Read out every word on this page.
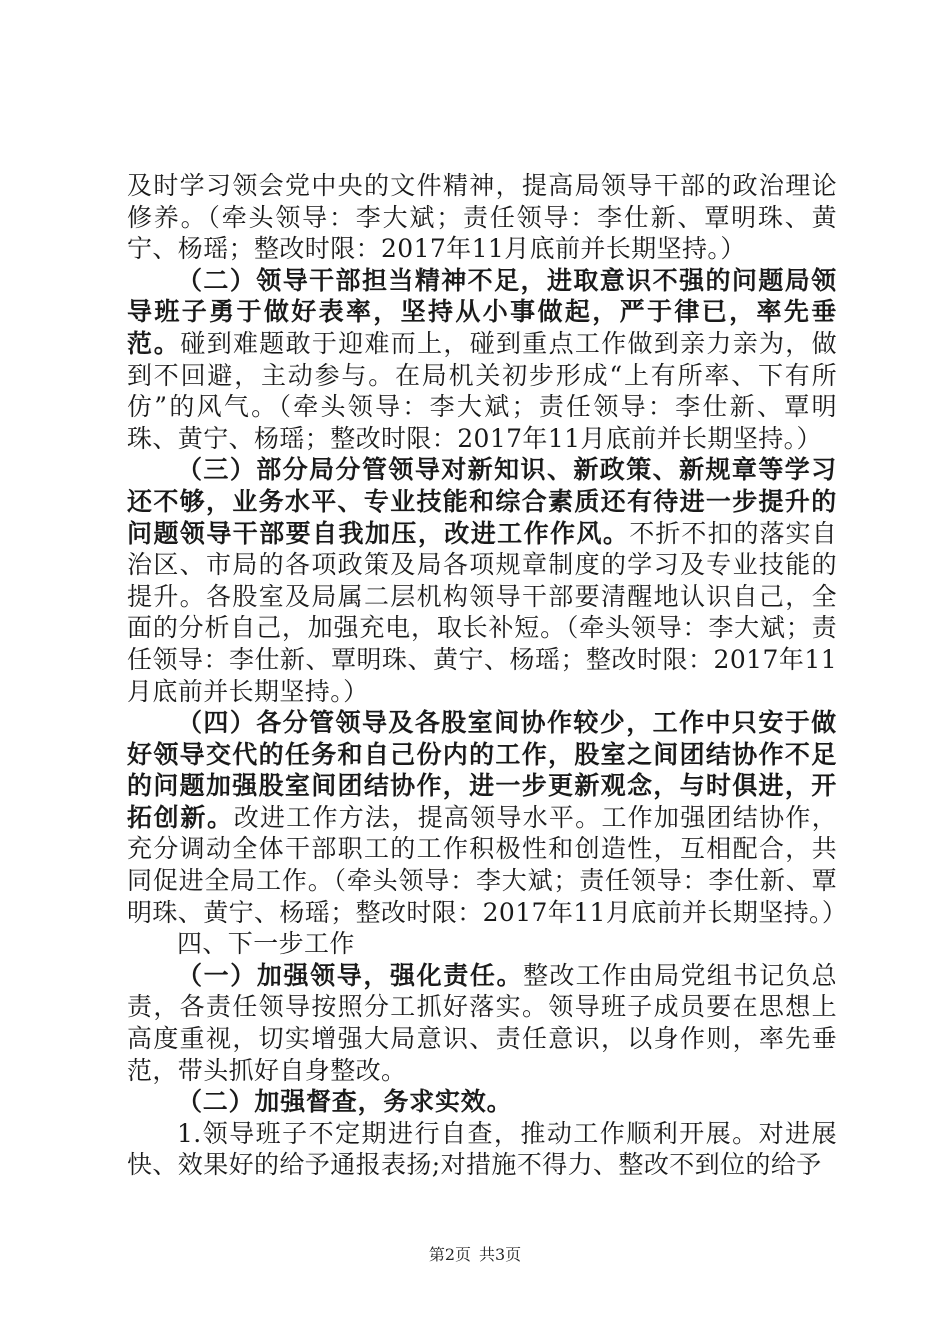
及时学习领会党中央的文件精神，提高局领导干部的政治理论修养。（牵头领导：李大斌；责任领导：李仕新、覃明珠、黄宁、杨瑶；整改时限：2017年11月底前并长期坚持。）

（二）领导干部担当精神不足，进取意识不强的问题局领导班子勇于做好表率，坚持从小事做起，严于律已，率先垂范。碰到难题敢于迎难而上，碰到重点工作做到亲力亲为，做到不回避，主动参与。在局机关初步形成“上有所率、下有所仿”的风气。（牵头领导：李大斌；责任领导：李仕新、覃明珠、黄宁、杨瑶；整改时限：2017年11月底前并长期坚持。）

（三）部分局分管领导对新知识、新政策、新规章等学习还不够，业务水平、专业技能和综合素质还有待进一步提升的问题领导干部要自我加压，改进工作作风。不折不扣的落实自治区、市局的各项政策及局各项规章制度的学习及专业技能的提升。各股室及局属二层机构领导干部要清醒地认识自己，全面的分析自己，加强充电，取长补短。（牵头领导：李大斌；责任领导：李仕新、覃明珠、黄宁、杨瑶；整改时限：2017年11月底前并长期坚持。）

（四）各分管领导及各股室间协作较少，工作中只安于做好领导交代的任务和自己份内的工作，股室之间团结协作不足的问题加强股室间团结协作，进一步更新观念，与时俱进，开拓创新。改进工作方法，提高领导水平。工作加强团结协作，充分调动全体干部职工的工作积极性和创造性，互相配合，共同促进全局工作。（牵头领导：李大斌；责任领导：李仕新、覃明珠、黄宁、杨瑶；整改时限：2017年11月底前并长期坚持。）

四、下一步工作

（一）加强领导，强化责任。整改工作由局党组书记负总责，各责任领导按照分工抓好落实。领导班子成员要在思想上高度重视，切实增强大局意识、责任意识，以身作则，率先垂范，带头抓好自身整改。

（二）加强督查，务求实效。

1.领导班子不定期进行自查，推动工作顺利开展。对进展快、效果好的给予通报表扬;对措施不得力、整改不到位的给予

第2页 共3页
